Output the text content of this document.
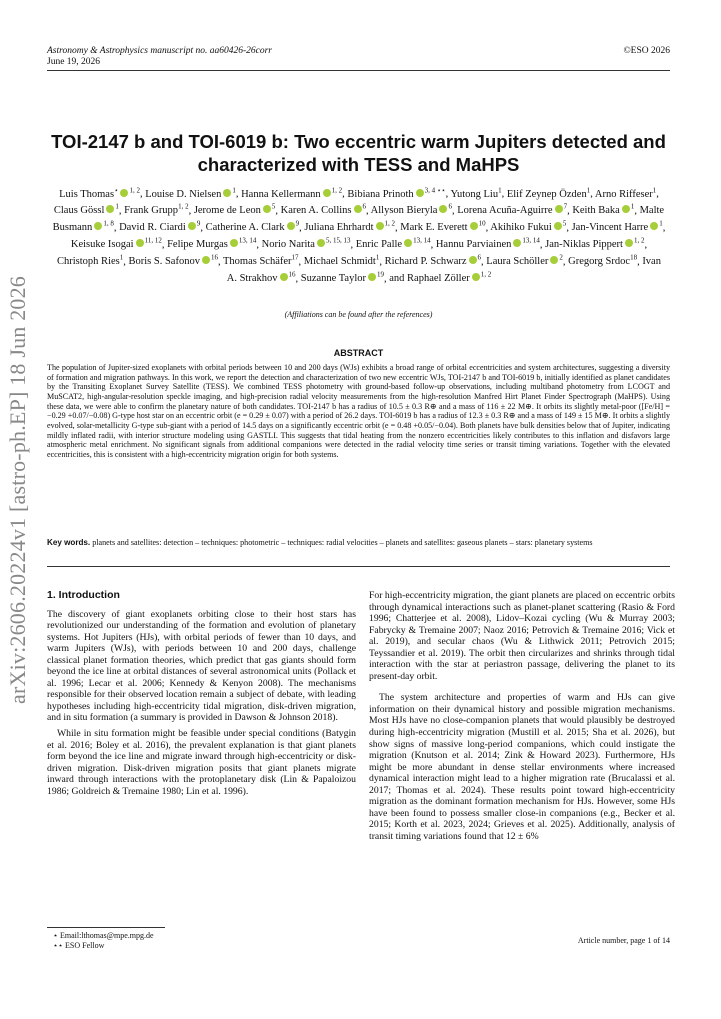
Astronomy & Astrophysics manuscript no. aa60426-26corr
June 19, 2026
©ESO 2026
arXiv:2606.20224v1 [astro-ph.EP] 18 Jun 2026
TOI-2147 b and TOI-6019 b: Two eccentric warm Jupiters detected and characterized with TESS and MaHPS
Luis Thomas⋆ $^{1, 2}$, Louise D. Nielsen $^1$, Hanna Kellermann $^{1, 2}$, Bibiana Prinoth $^{3, 4 ⋆⋆}$, Yutong Liu$^1$, Elif Zeynep Özden$^1$, Arno Riffeser$^1$, Claus Gössl $^1$, Frank Grupp$^{1, 2}$, Jerome de Leon $^5$, Karen A. Collins $^6$, Allyson Bieryla $^6$, Lorena Acuña-Aguirre $^7$, Keith Baka $^1$, Malte Busmann $^{1, 8}$, David R. Ciardi $^9$, Catherine A. Clark $^9$, Juliana Ehrhardt $^{1, 2}$, Mark E. Everett $^{10}$, Akihiko Fukui $^5$, Jan-Vincent Harre $^1$, Keisuke Isogai $^{11, 12}$, Felipe Murgas $^{13, 14}$, Norio Narita $^{5, 15, 13}$, Enric Palle $^{13, 14}$, Hannu Parviainen $^{13, 14}$, Jan-Niklas Pippert $^{1, 2}$, Christoph Ries$^1$, Boris S. Safonov $^{16}$, Thomas Schäfer$^{17}$, Michael Schmidt$^1$, Richard P. Schwarz $^6$, Laura Schöller $^2$, Gregorg Srdoc$^{18}$, Ivan A. Strakhov $^{16}$, Suzanne Taylor $^{19}$, and Raphael Zöller $^{1, 2}$
(Affiliations can be found after the references)
ABSTRACT
The population of Jupiter-sized exoplanets with orbital periods between 10 and 200 days (WJs) exhibits a broad range of orbital eccentricities and system architectures, suggesting a diversity of formation and migration pathways. In this work, we report the detection and characterization of two new eccentric WJs, TOI-2147 b and TOI-6019 b, initially identified as planet candidates by the Transiting Exoplanet Survey Satellite (TESS). We combined TESS photometry with ground-based follow-up observations, including multiband photometry from LCOGT and MuSCAT2, high-angular-resolution speckle imaging, and high-precision radial velocity measurements from the high-resolution Manfred Hirt Planet Finder Spectrograph (MaHPS). Using these data, we were able to confirm the planetary nature of both candidates. TOI-2147 b has a radius of 10.5 ± 0.3 R⊕ and a mass of 116 ± 22 M⊕. It orbits its slightly metal-poor ([Fe/H] = −0.29 +0.07/−0.08) G-type host star on an eccentric orbit (e = 0.29 ± 0.07) with a period of 26.2 days. TOI-6019 b has a radius of 12.3 ± 0.3 R⊕ and a mass of 149 ± 15 M⊕. It orbits a slightly evolved, solar-metallicity G-type sub-giant with a period of 14.5 days on a significantly eccentric orbit (e = 0.48 +0.05/−0.04). Both planets have bulk densities below that of Jupiter, indicating mildly inflated radii, with interior structure modeling using GASTLI. This suggests that tidal heating from the nonzero eccentricities likely contributes to this inflation and disfavors large atmospheric metal enrichment. No significant signals from additional companions were detected in the radial velocity time series or transit timing variations. Together with the elevated eccentricities, this is consistent with a high-eccentricity migration origin for both systems.
Key words. planets and satellites: detection – techniques: photometric – techniques: radial velocities – planets and satellites: gaseous planets – stars: planetary systems
1. Introduction

The discovery of giant exoplanets orbiting close to their host stars has revolutionized our understanding of the formation and evolution of planetary systems. Hot Jupiters (HJs), with orbital periods of fewer than 10 days, and warm Jupiters (WJs), with periods between 10 and 200 days, challenge classical planet formation theories, which predict that gas giants should form beyond the ice line at orbital distances of several astronomical units (Pollack et al. 1996; Lecar et al. 2006; Kennedy & Kenyon 2008). The mechanisms responsible for their observed location remain a subject of debate, with leading hypotheses including high-eccentricity tidal migration, disk-driven migration, and in situ formation (a summary is provided in Dawson & Johnson 2018).

While in situ formation might be feasible under special conditions (Batygin et al. 2016; Boley et al. 2016), the prevalent explanation is that giant planets form beyond the ice line and migrate inward through high-eccentricity or disk-driven migration. Disk-driven migration posits that giant planets migrate inward through interactions with the protoplanetary disk (Lin & Papaloizou 1986; Goldreich & Tremaine 1980; Lin et al. 1996).

For high-eccentricity migration, the giant planets are placed on eccentric orbits through dynamical interactions such as planet-planet scattering (Rasio & Ford 1996; Chatterjee et al. 2008), Lidov–Kozai cycling (Wu & Murray 2003; Fabrycky & Tremaine 2007; Naoz 2016; Petrovich & Tremaine 2016; Vick et al. 2019), and secular chaos (Wu & Lithwick 2011; Petrovich 2015; Teyssandier et al. 2019). The orbit then circularizes and shrinks through tidal interaction with the star at periastron passage, delivering the planet to its present-day orbit.

The system architecture and properties of warm and HJs can give information on their dynamical history and possible migration mechanisms. Most HJs have no close-companion planets that would plausibly be destroyed during high-eccentricity migration (Mustill et al. 2015; Sha et al. 2026), but show signs of massive long-period companions, which could instigate the migration (Knutson et al. 2014; Zink & Howard 2023). Furthermore, HJs might be more abundant in dense stellar environments where increased dynamical interaction might lead to a higher migration rate (Brucalassi et al. 2017; Thomas et al. 2024). These results point toward high-eccentricity migration as the dominant formation mechanism for HJs. However, some HJs have been found to possess smaller close-in companions (e.g., Becker et al. 2015; Korth et al. 2023, 2024; Grieves et al. 2025). Additionally, analysis of transit timing variations found that 12 ± 6%

⋆ Email:lthomas@mpe.mpg.de
⋆⋆ ESO Fellow
Article number, page 1 of 14
